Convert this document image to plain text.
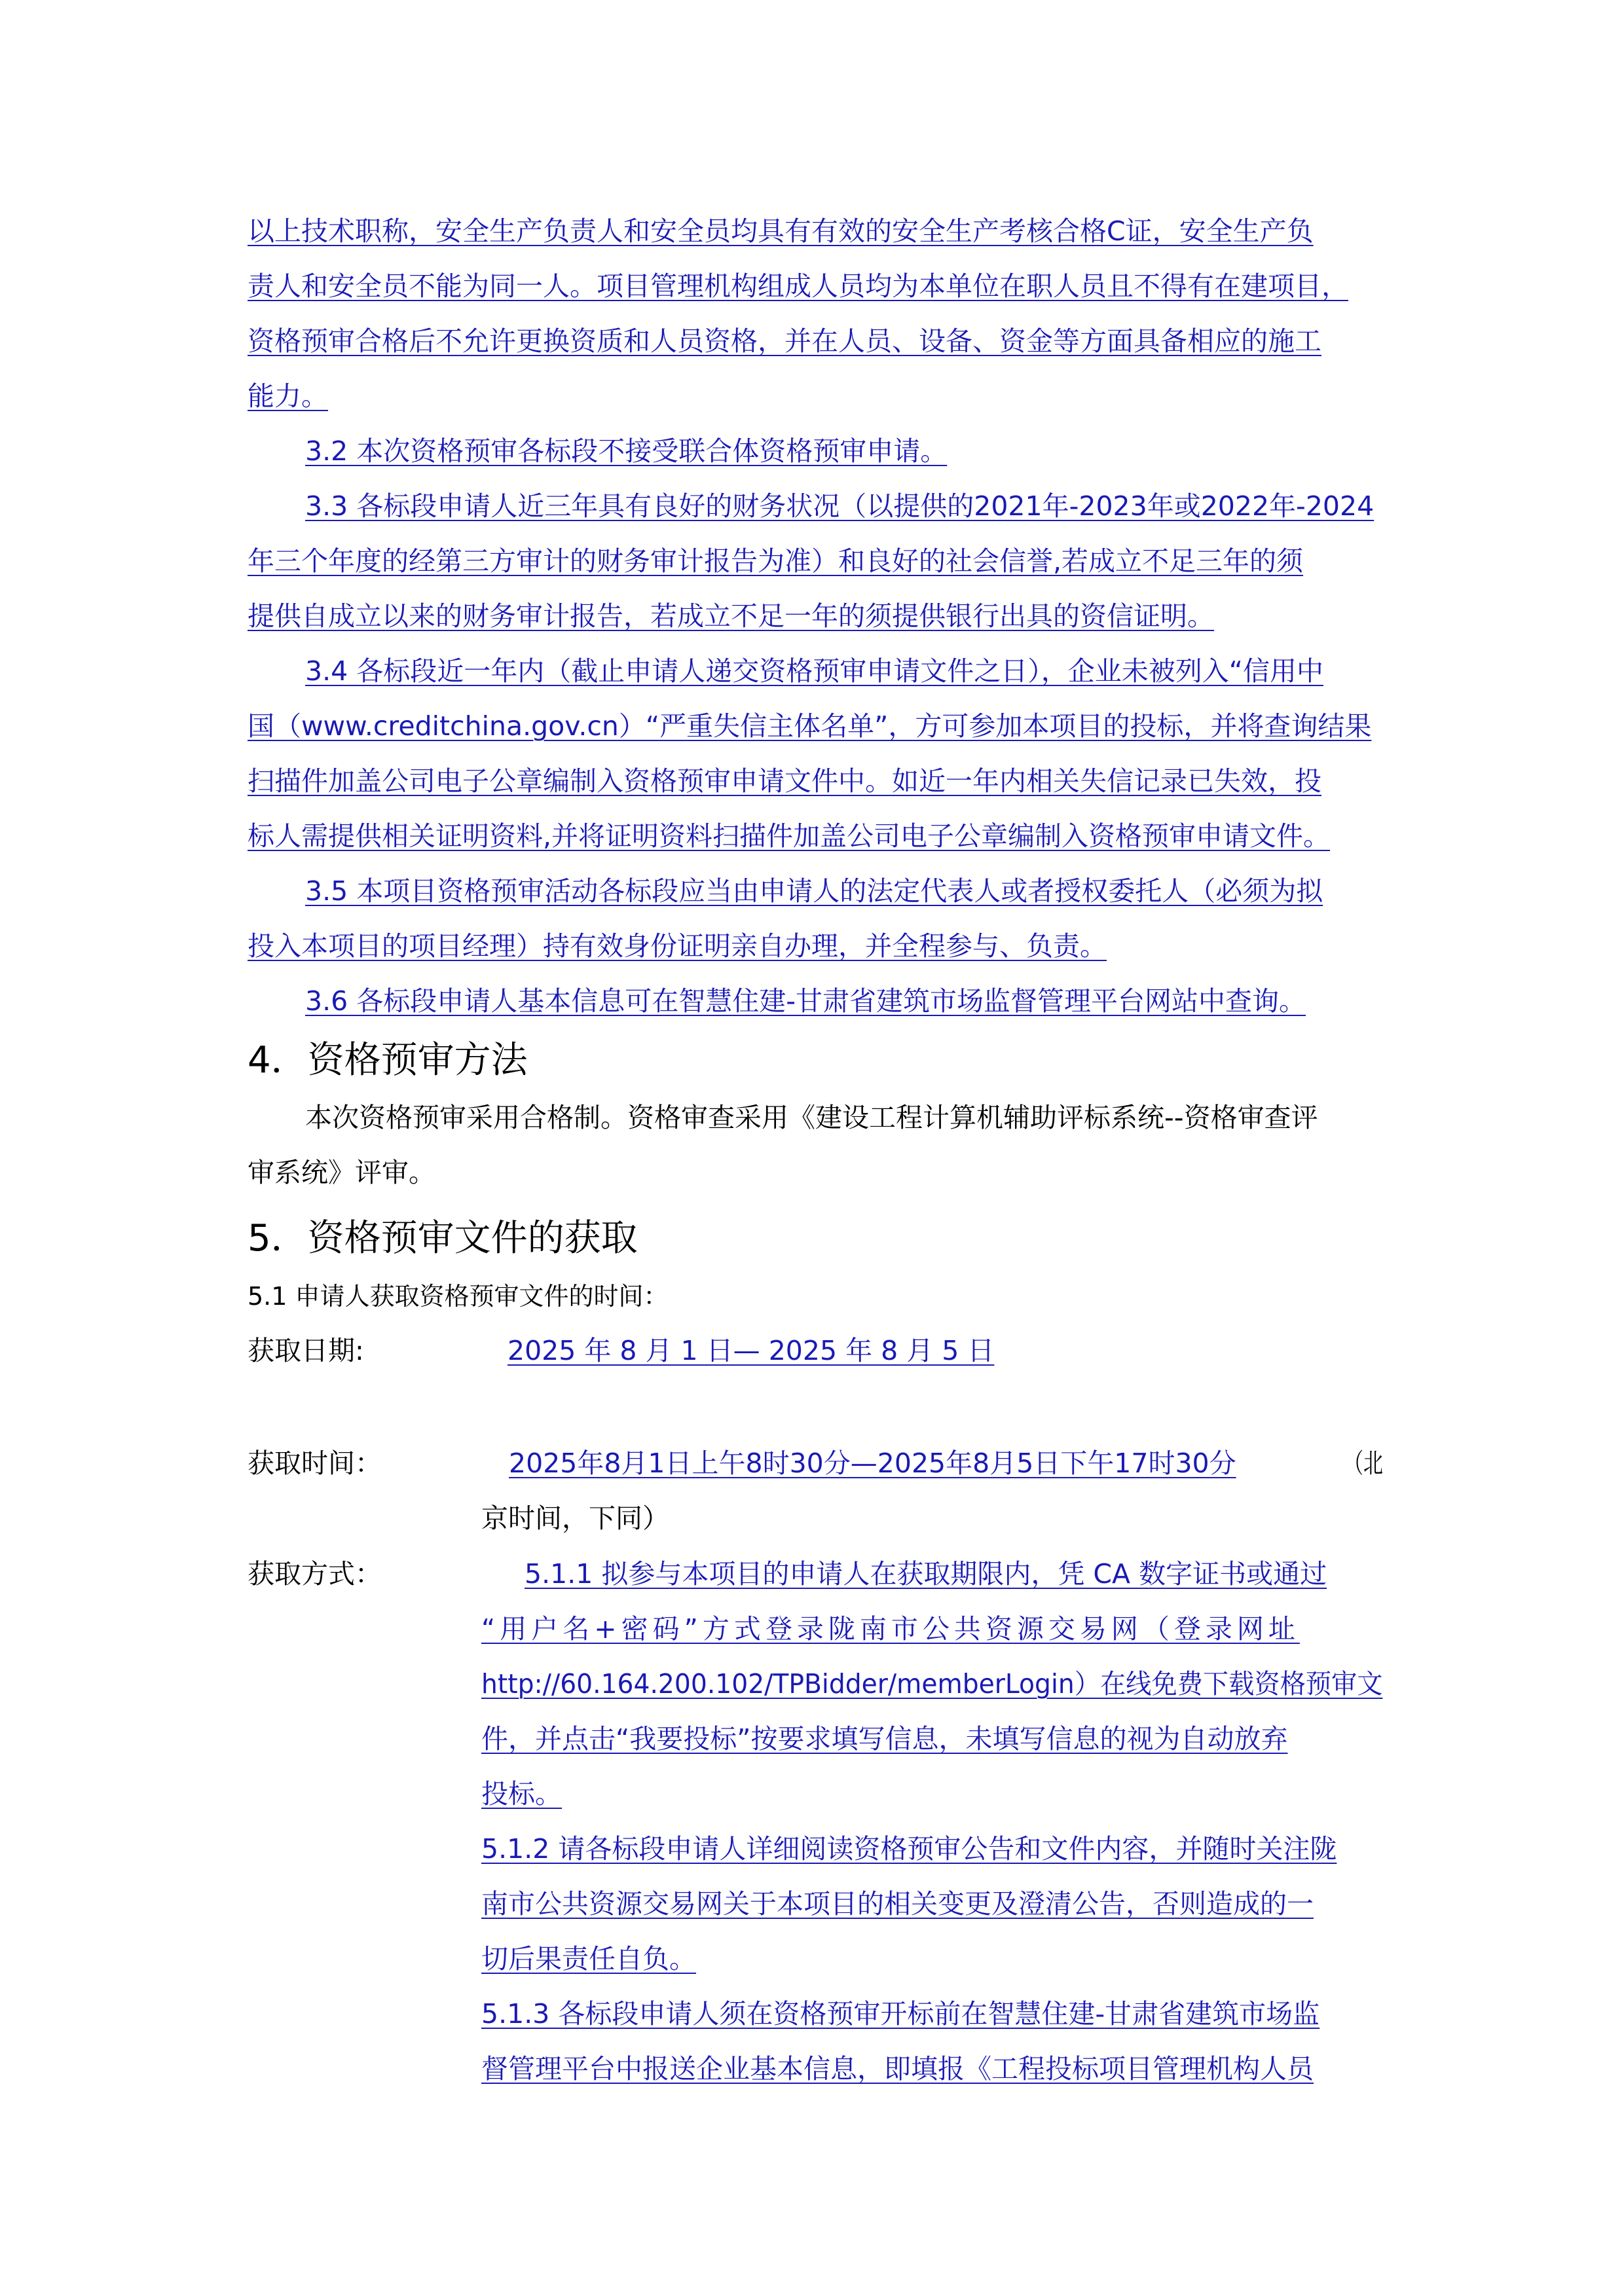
以上技术职称，安全生产负责人和安全员均具有有效的安全生产考核合格C证，安全生产负
责人和安全员不能为同一人。项目管理机构组成人员均为本单位在职人员且不得有在建项目，
资格预审合格后不允许更换资质和人员资格，并在人员、设备、资金等方面具备相应的施工
能力。
3.2 本次资格预审各标段不接受联合体资格预审申请。
3.3 各标段申请人近三年具有良好的财务状况（以提供的2021年-2023年或2022年-2024
年三个年度的经第三方审计的财务审计报告为准）和良好的社会信誉,若成立不足三年的须
提供自成立以来的财务审计报告，若成立不足一年的须提供银行出具的资信证明。
3.4 各标段近一年内（截止申请人递交资格预审申请文件之日），企业未被列入“信用中
国（www.creditchina.gov.cn）“严重失信主体名单”，方可参加本项目的投标，并将查询结果
扫描件加盖公司电子公章编制入资格预审申请文件中。如近一年内相关失信记录已失效，投
标人需提供相关证明资料,并将证明资料扫描件加盖公司电子公章编制入资格预审申请文件。
3.5 本项目资格预审活动各标段应当由申请人的法定代表人或者授权委托人（必须为拟
投入本项目的项目经理）持有效身份证明亲自办理，并全程参与、负责。
3.6 各标段申请人基本信息可在智慧住建-甘肃省建筑市场监督管理平台网站中查询。
4．资格预审方法
本次资格预审采用合格制。资格审查采用《建设工程计算机辅助评标系统--资格审查评
审系统》评审。
5．资格预审文件的获取
5.1 申请人获取资格预审文件的时间：
获取日期:	2025 年 8 月 1 日— 2025 年 8 月 5 日
获取时间：	2025年8月1日上午8时30分—2025年8月5日下午17时30分	（北
京时间，下同）
获取方式：	5.1.1 拟参与本项目的申请人在获取期限内，凭 CA 数字证书或通过
“用户名+密码”方式登录陇南市公共资源交易网（登录网址
http://60.164.200.102/TPBidder/memberLogin）在线免费下载资格预审文
件，并点击“我要投标”按要求填写信息，未填写信息的视为自动放弃
投标。
5.1.2 请各标段申请人详细阅读资格预审公告和文件内容，并随时关注陇
南市公共资源交易网关于本项目的相关变更及澄清公告，否则造成的一
切后果责任自负。
5.1.3 各标段申请人须在资格预审开标前在智慧住建-甘肃省建筑市场监
督管理平台中报送企业基本信息，即填报《工程投标项目管理机构人员
